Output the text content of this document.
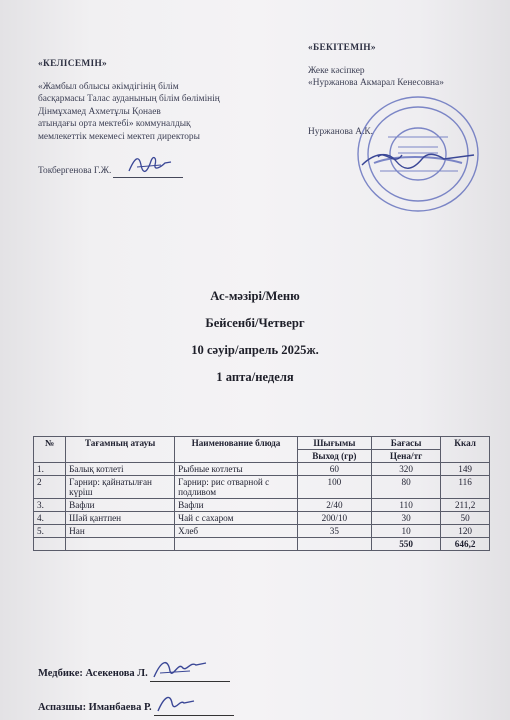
«КЕЛІСЕМІН»
«Жамбыл облысы әкімдігінің білім
басқармасы Талас ауданының білім бөлімінің
Дінмұхамед Ахметұлы Қонаев
атындағы орта мектебі» коммуналдық
мемлекеттік мекемесі мектеп директоры
Токбергенова Г.Ж.
«БЕКІТЕМІН»
Жеке кәсіпкер
«Нуржанова Акмарал Кенесовна»
Нуржанова А.К.
Ас-мәзірі/Меню
Бейсенбі/Четверг
10 сәуір/апрель 2025ж.
1 апта/неделя
№	Тағамның атауы	Наименование блюда	Шығымы	Бағасы	Ккал
			Выход (гр)	Цена/тг	
1.	Балық котлеті	Рыбные котлеты	60	320	149
2	Гарнир: қайнатылған күріш	Гарнир: рис отварной с подливом	100	80	116
3.	Вафли	Вафли	2/40	110	211,2
4.	Шәй қантпен	Чай с сахаром	200/10	30	50
5.	Нан	Хлеб	35	10	120
				550	646,2
Медбике: Асекенова Л.
Аспазшы: Иманбаева Р.
